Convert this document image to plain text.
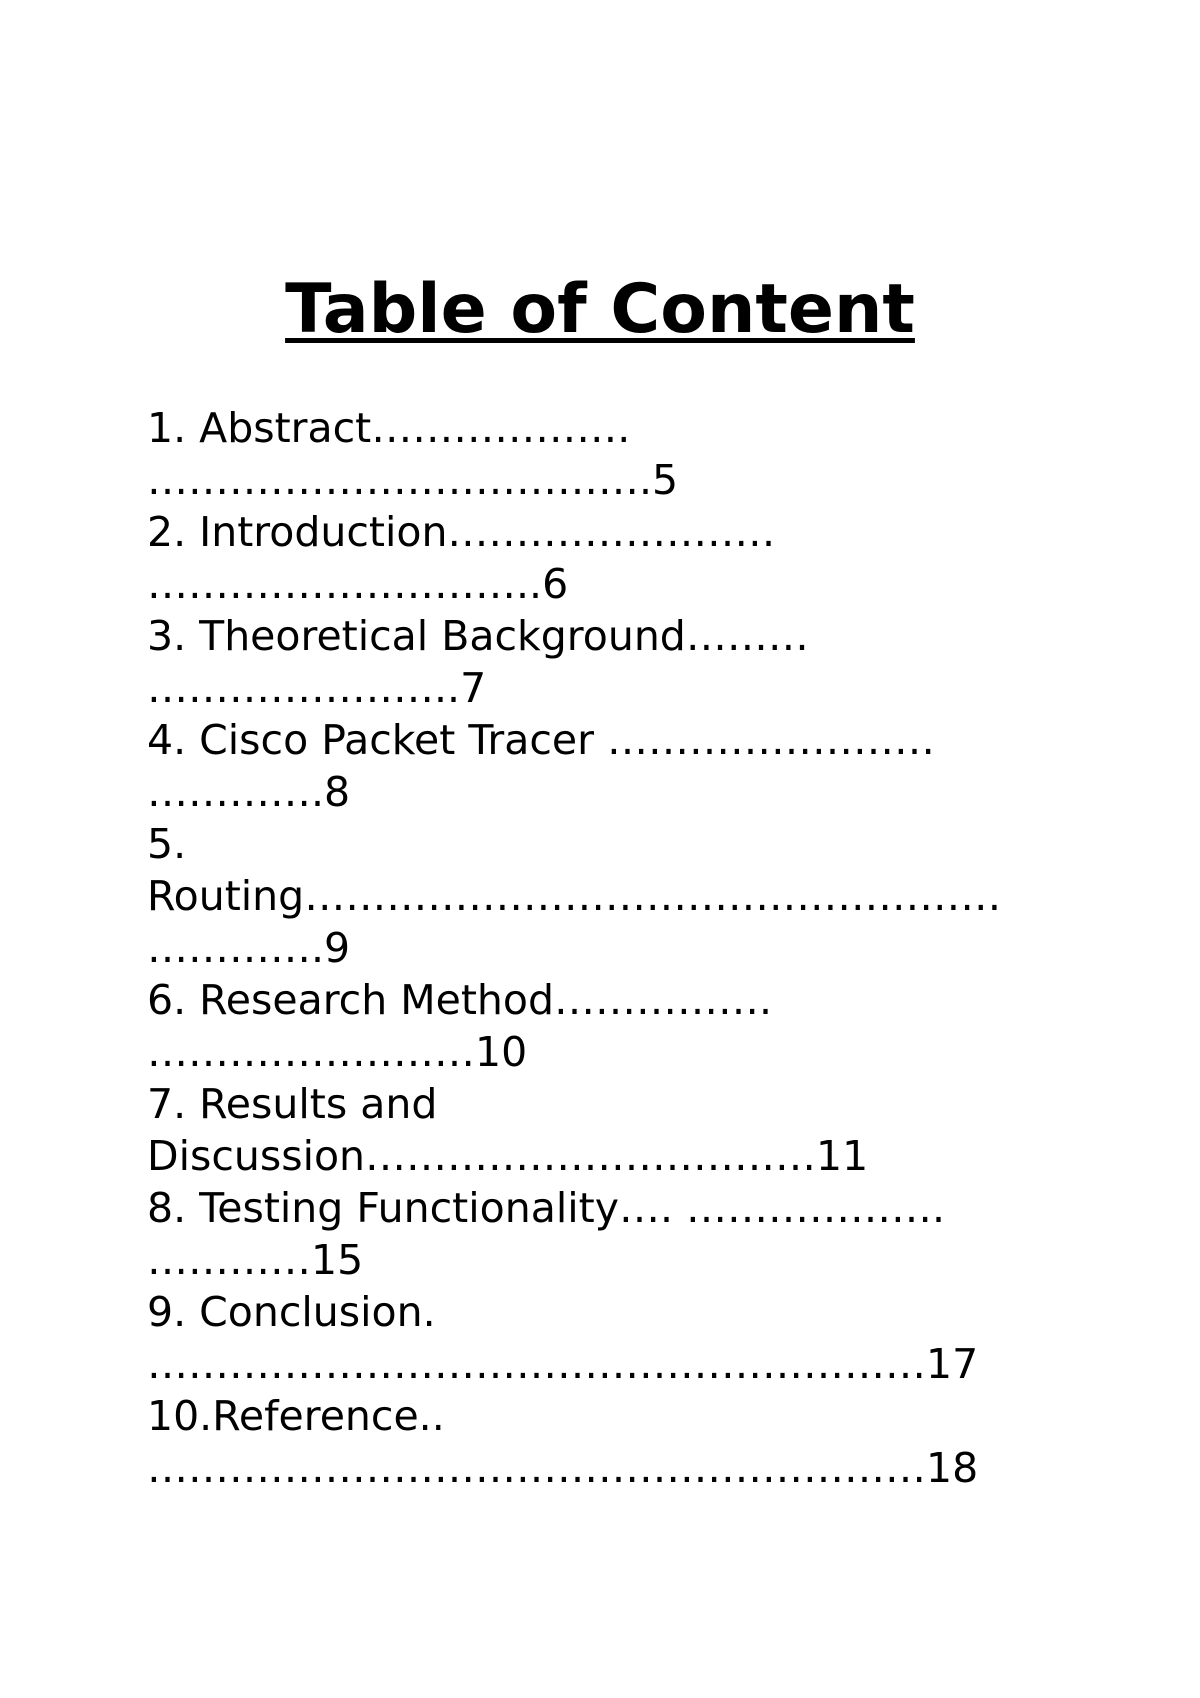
Table of Content
1. Abstract……………….
……………………………….5
2. Introduction……………………
………………………..6
3. Theoretical Background………
…………………..7
4. Cisco Packet Tracer ……………………
………….8
5.
Routing……………………………………………
………….9
6. Research Method…………….
……………………10
7. Results and
Discussion……………………………11
8. Testing Functionality…. ……………….
…………15
9. Conclusion.
…………………………………………………17
10.Reference..
…………………………………………………18
